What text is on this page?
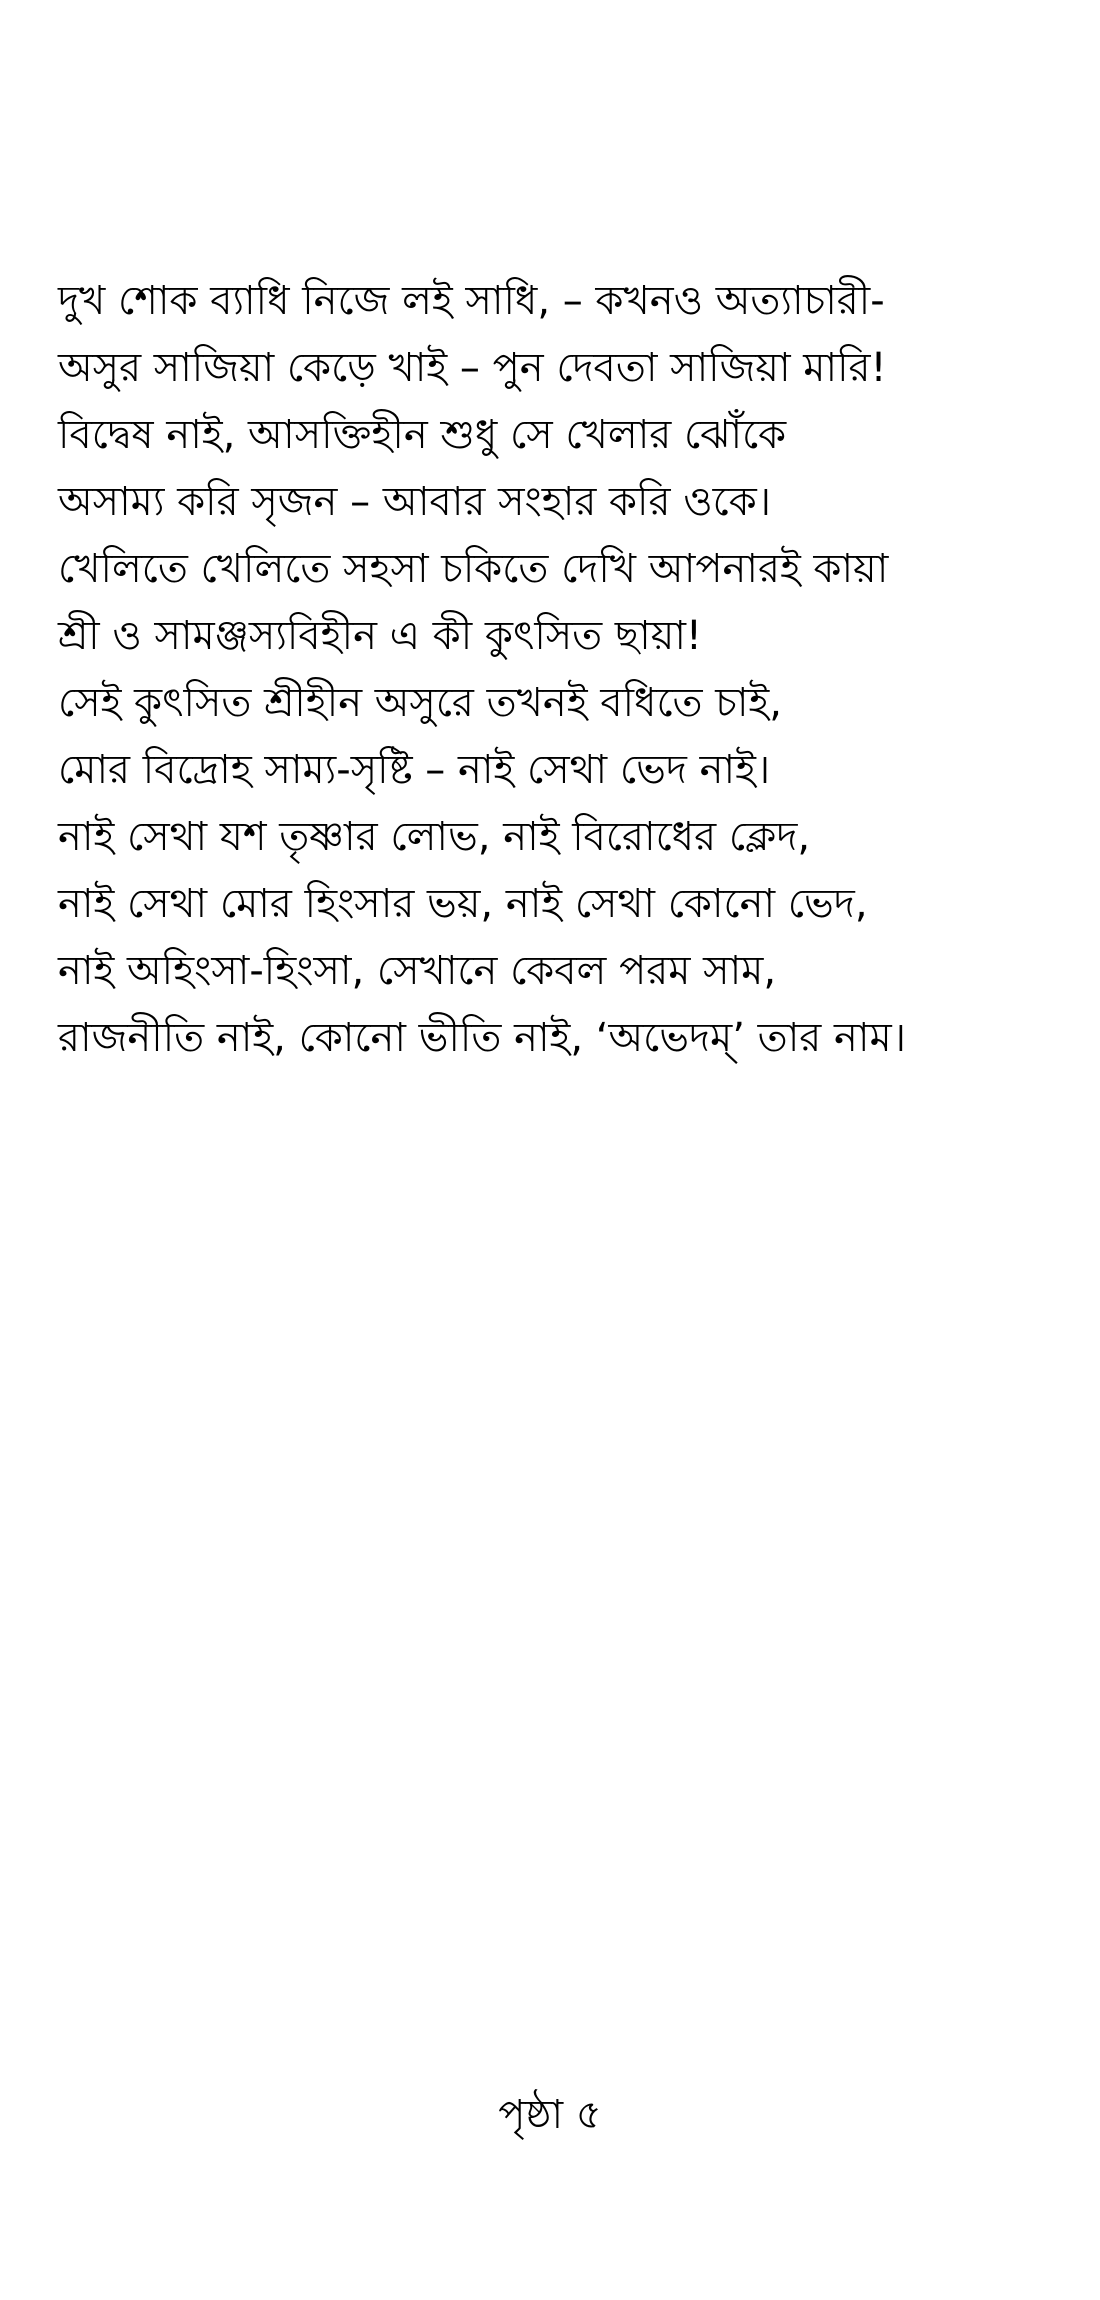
দুখ শোক ব্যাধি নিজে লই সাধি, – কখনও অত্যাচারী-
অসুর সাজিয়া কেড়ে খাই – পুন দেবতা সাজিয়া মারি!
বিদ্বেষ নাই, আসক্তিহীন শুধু সে খেলার ঝোঁকে
অসাম্য করি সৃজন – আবার সংহার করি ওকে।
খেলিতে খেলিতে সহসা চকিতে দেখি আপনারই কায়া
শ্রী ও সামঞ্জস্যবিহীন এ কী কুৎসিত ছায়া!
সেই কুৎসিত শ্রীহীন অসুরে তখনই বধিতে চাই,
মোর বিদ্রোহ সাম্য-সৃষ্টি – নাই সেথা ভেদ নাই।
নাই সেথা যশ তৃষ্ণার লোভ, নাই বিরোধের ক্লেদ,
নাই সেথা মোর হিংসার ভয়, নাই সেথা কোনো ভেদ,
নাই অহিংসা-হিংসা, সেখানে কেবল পরম সাম,
রাজনীতি নাই, কোনো ভীতি নাই, ‘অভেদম্’ তার নাম।
পৃষ্ঠা ৫
